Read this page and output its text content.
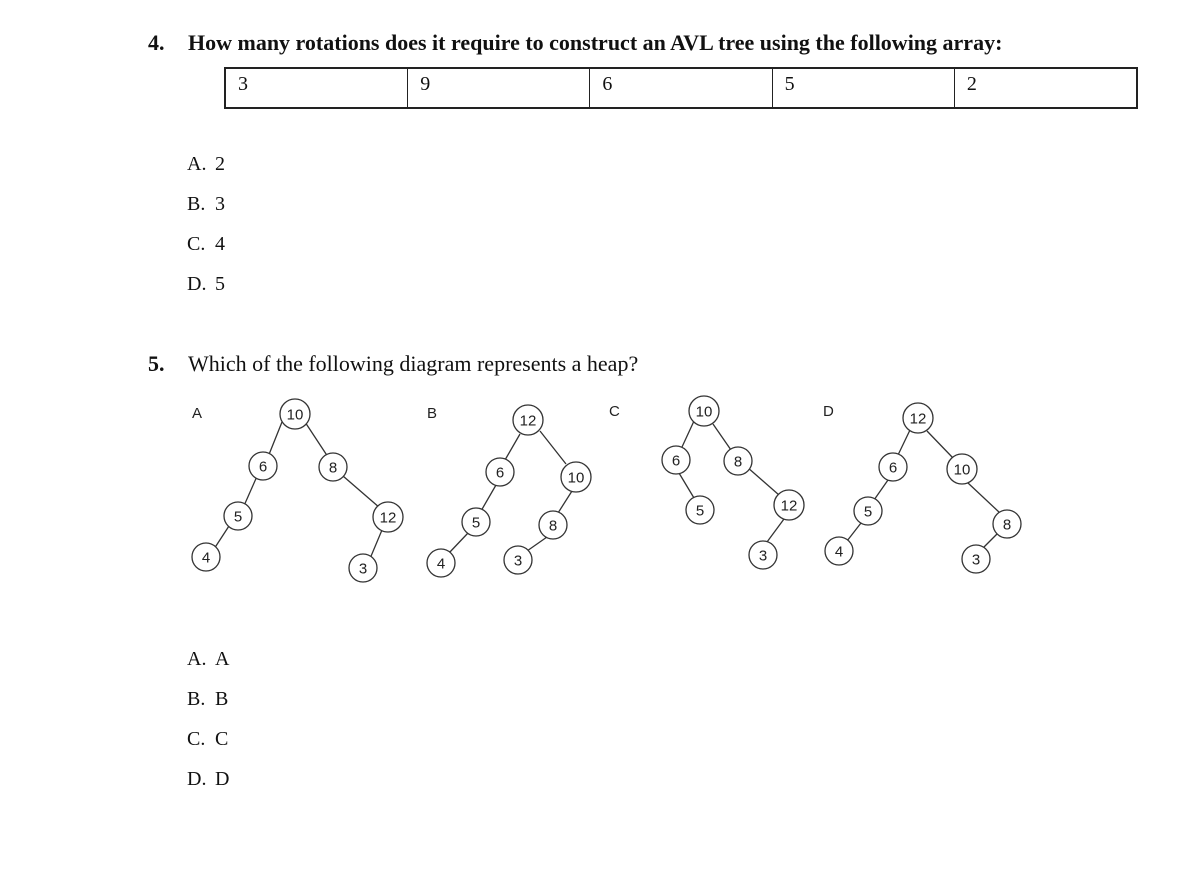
4. How many rotations does it require to construct an AVL tree using the following array:
3	9	6	5	2
A. 2
B. 3
C. 4
D. 5
5. Which of the following diagram represents a heap?
A	10
6	8
5	12
4
3
B	12
6	10
5	8
4	3
C	10
6	8
5	12
3
D	12
6	10
5
8
4	3
A. A
B. B
C. C
D. D
